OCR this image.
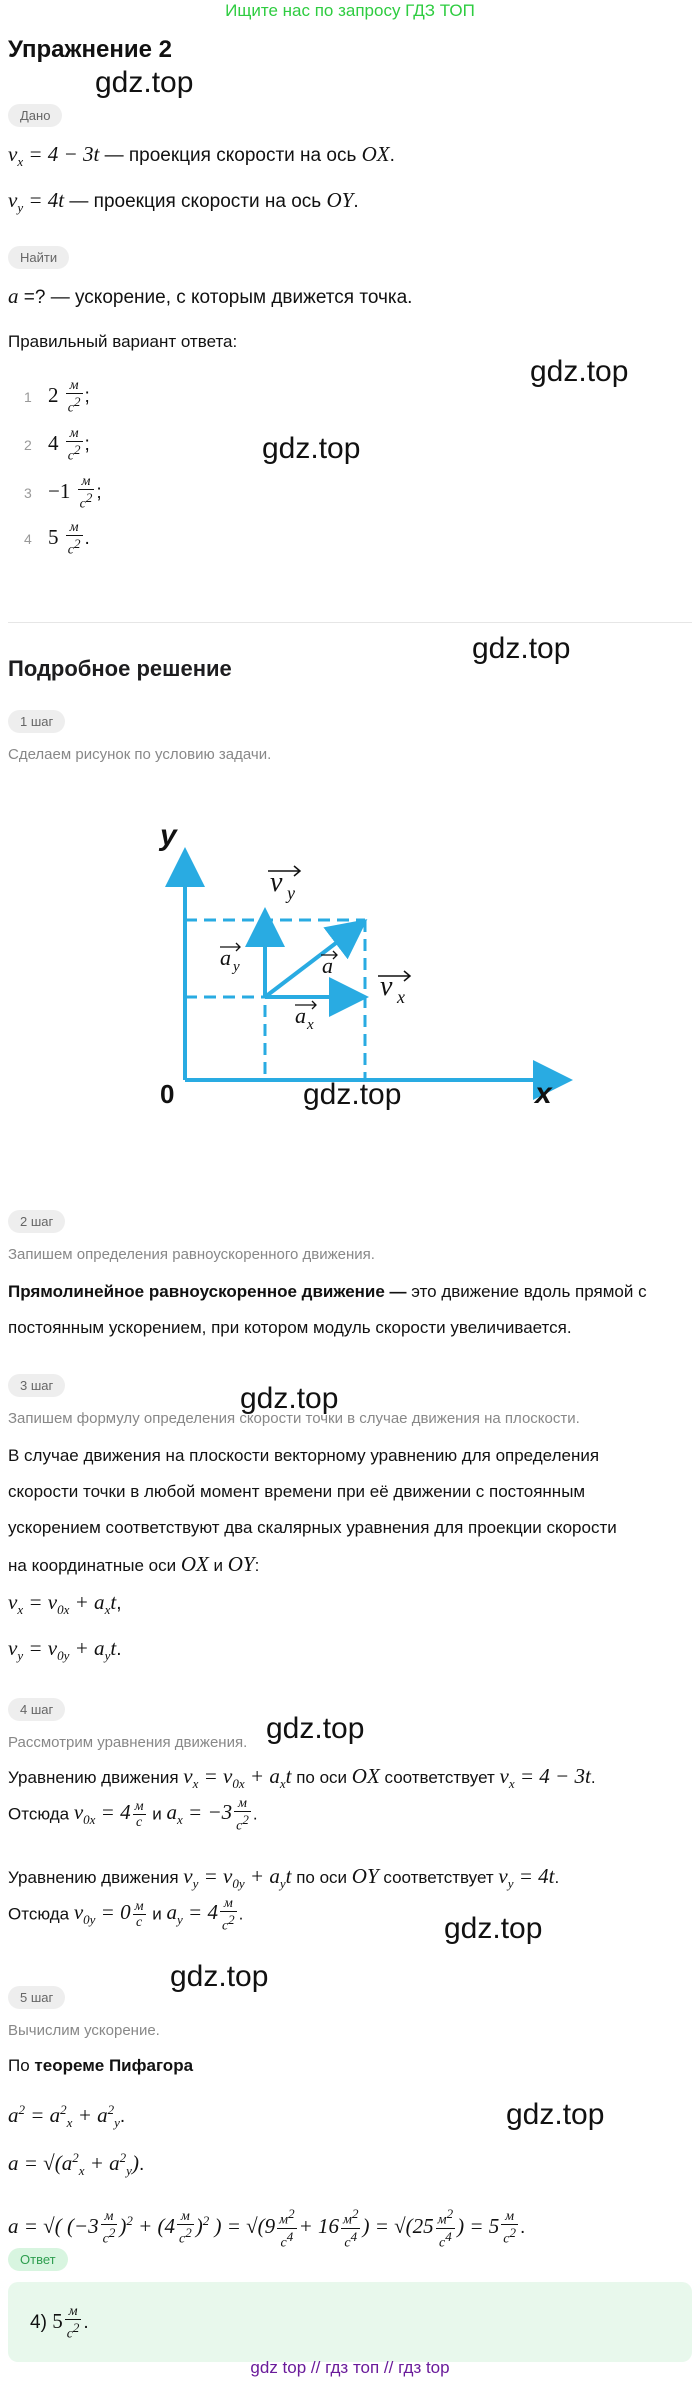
Ищите нас по запросу ГДЗ ТОП
Упражнение 2
gdz.top
gdz.top
gdz.top
gdz.top
gdz.top
gdz.top
gdz.top
gdz.top
gdz.top
gdz.top
Дано
$v_x = 4 - 3t$ — проекция скорости на ось OX.
$v_y = 4t$ — проекция скорости на ось OY.
Найти
a =? — ускорение, с которым движется точка.
Правильный вариант ответа:
1 $2 \frac{м}{c^2}$ ;
2 $4 \frac{м}{c^2}$ ;
$3 -1 \frac{м}{c^2}$ ;
4 $5 \frac{м}{c^2}$ .
Подробное решение
1 шаг
Сделаем рисунок по условию задачи.
y
x
0
v y
a y	a
a x
v x
2 шаг
Запишем определения равноускоренного движения.
Прямолинейное равноускоренное движение — это движение вдоль прямой с
постоянным ускорением, при котором модуль скорости увеличивается.
3 шаг
Запишем формулу определения скорости точки в случае движения на плоскости.
В случае движения на плоскости векторному уравнению для определения
скорости точки в любой момент времени при её движении с постоянным
ускорением соответствуют два скалярных уравнения для проекции скорости
на координатные оси OX и OY:
$v_x = v_{0x} + a_xt$,
$v_y = v_{0y} + a_yt$.
4 шаг
Рассмотрим уравнения движения.
Уравнению движения $v_x = v_{0x} + a_xt$ по оси OX соответствует $v_x = 4 - 3t$.
Отсюда $v_{0x} = 4 \frac{м}{c}$ и $a_x = -3 \frac{м}{c^2}$ .
Уравнению движения $v_y = v_{0y} + a_yt$ по оси OY соответствует $v_y = 4t$.
Отсюда $v_{0y} = 0 \frac{м}{c}$ и $a_y = 4 \frac{м}{c^2}$ .
5 шаг
Вычислим ускорение.
По теореме Пифагора
$a^2 = a^2_x + a^2_y$.
$a = √(a^2_x + a^2_y)$.
a = √( $(-3 \frac{м}{c^2} )^2 + (4 \frac{м}{c^2} )^2$ ) = $√(9 \frac{м^2}{c^4} + 16 \frac{м^2}{c^4}$ ) = $√(25 \frac{м^2}{c^4}$ ) = $5 \frac{м}{c^2}$ .
Ответ
4) $5 \frac{м}{c^2}$ .
gdz top // гдз топ // гдз top
